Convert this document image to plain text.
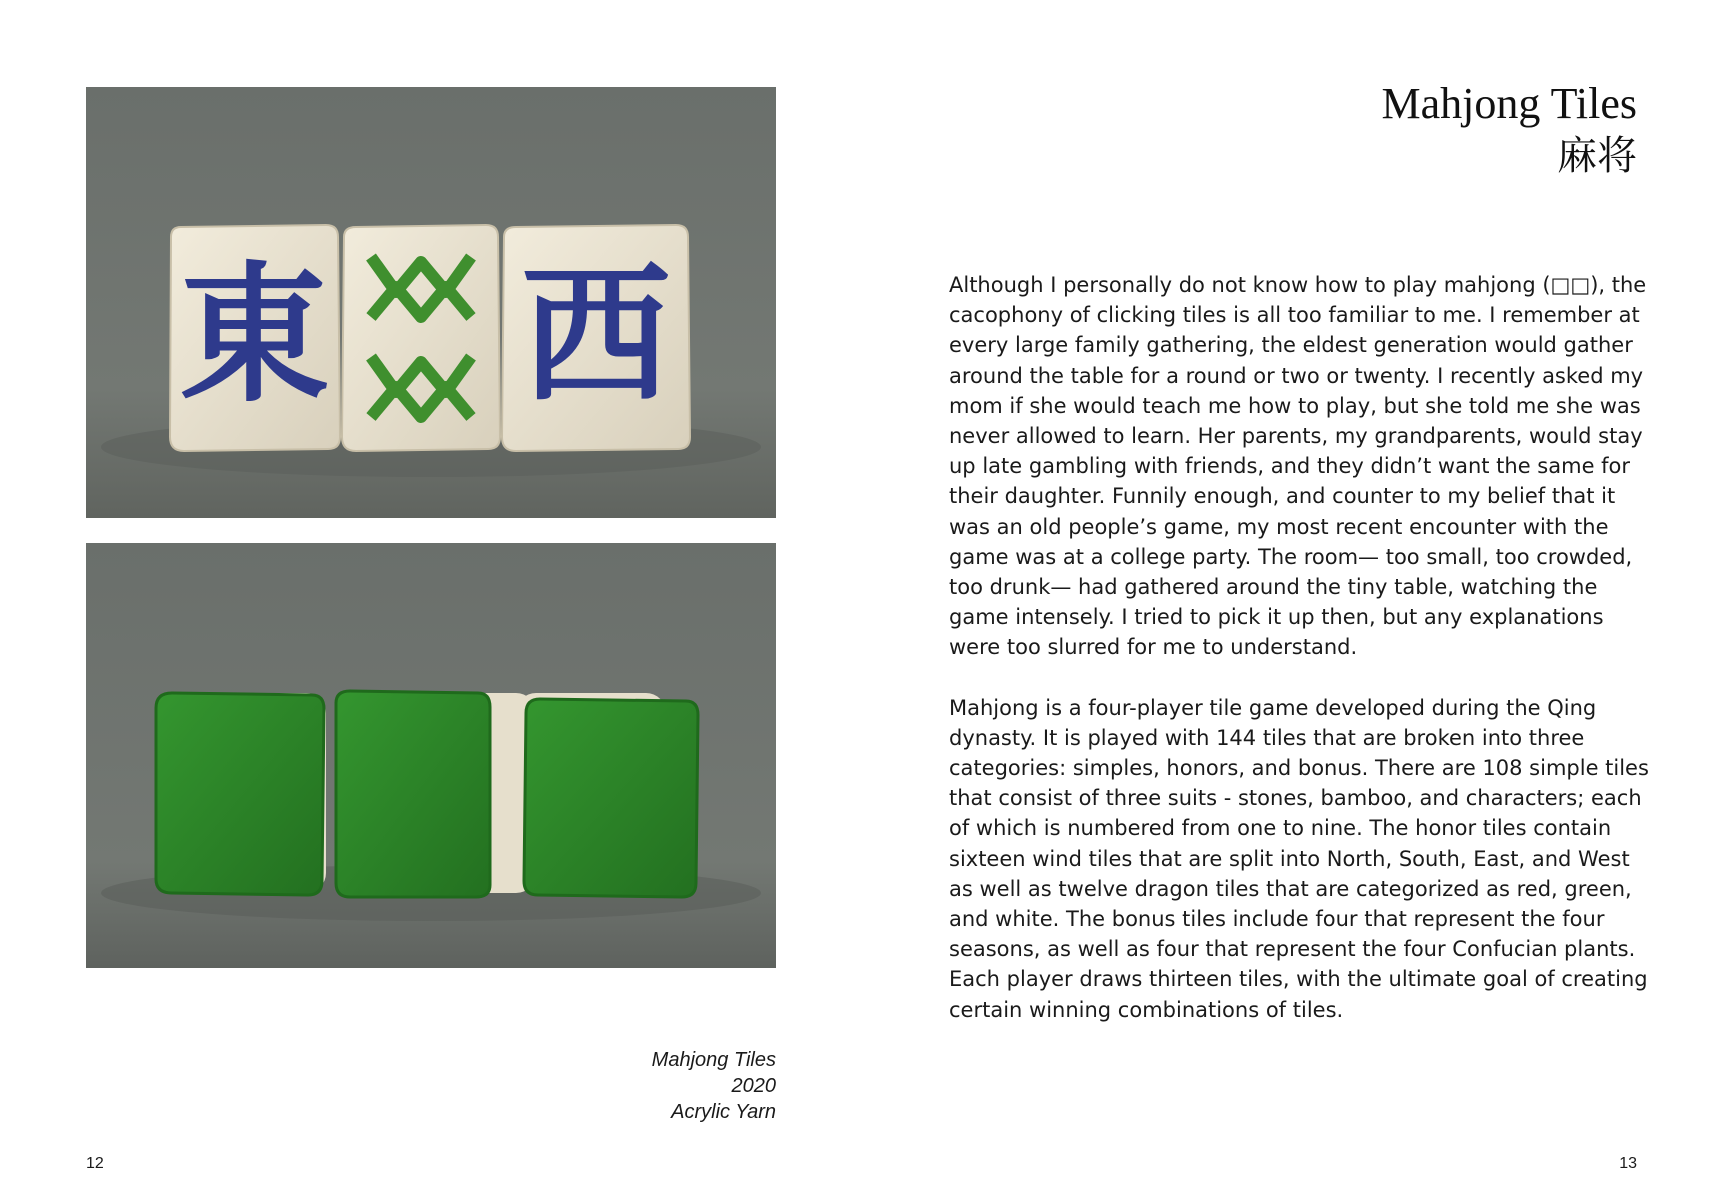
東 西
Mahjong Tiles
2020
Acrylic Yarn
12
Mahjong Tiles
麻将

Although I personally do not know how to play mahjong (□□), the cacophony of clicking tiles is all too familiar to me. I remember at every large family gathering, the eldest generation would gather around the table for a round or two or twenty. I recently asked my mom if she would teach me how to play, but she told me she was never allowed to learn. Her parents, my grandparents, would stay up late gambling with friends, and they didn’t want the same for their daughter. Funnily enough, and counter to my belief that it was an old people’s game, my most recent encounter with the game was at a college party. The room— too small, too crowded, too drunk— had gathered around the tiny table, watching the game intensely. I tried to pick it up then, but any explanations were too slurred for me to understand.

Mahjong is a four-player tile game developed during the Qing dynasty. It is played with 144 tiles that are broken into three categories: simples, honors, and bonus. There are 108 simple tiles that consist of three suits - stones, bamboo, and characters; each of which is numbered from one to nine. The honor tiles contain sixteen wind tiles that are split into North, South, East, and West as well as twelve dragon tiles that are categorized as red, green, and white. The bonus tiles include four that represent the four seasons, as well as four that represent the four Confucian plants. Each player draws thirteen tiles, with the ultimate goal of creating certain winning combinations of tiles.

13
